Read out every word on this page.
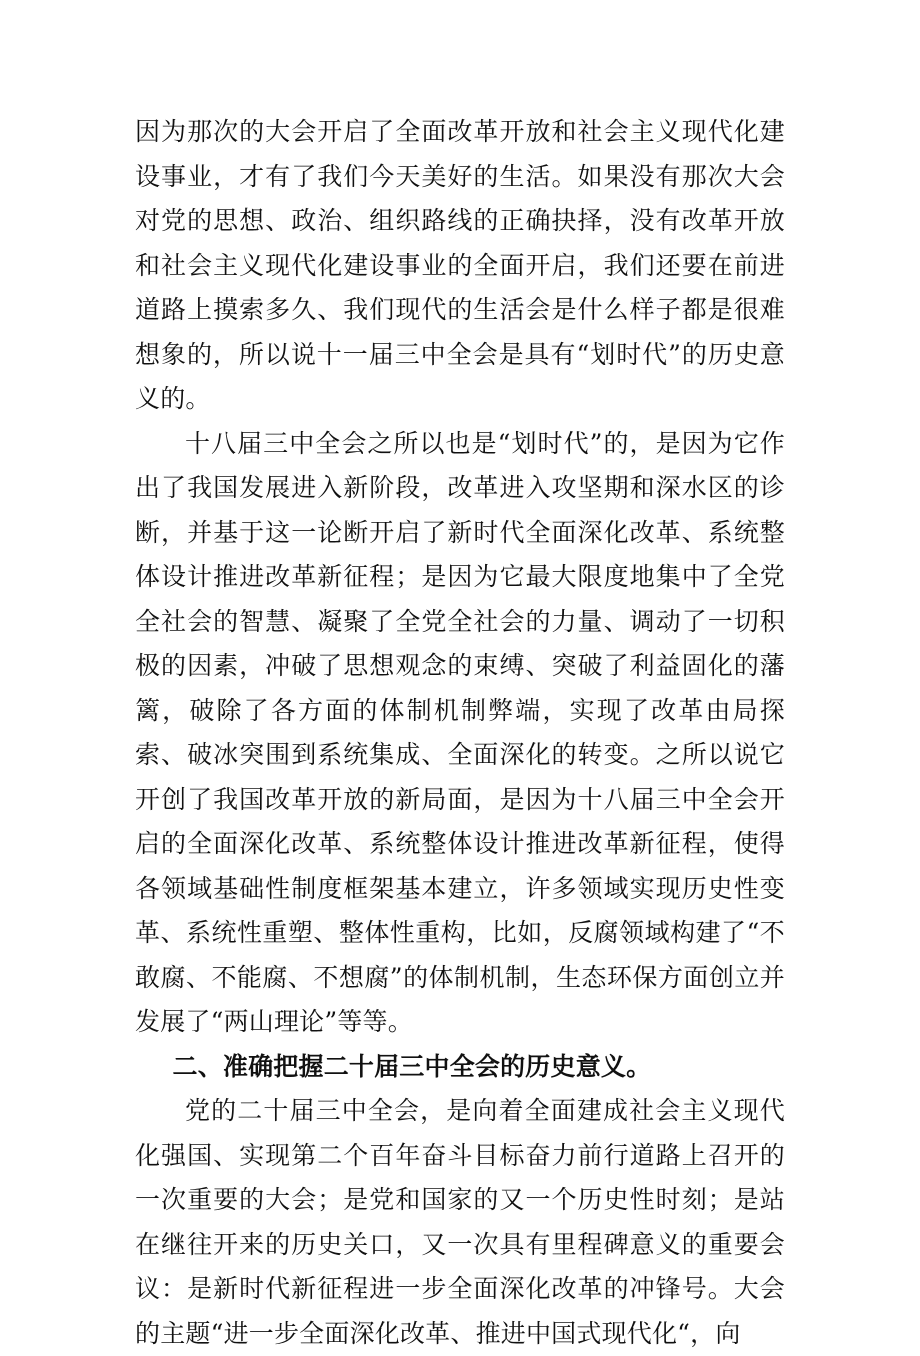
因为那次的大会开启了全面改革开放和社会主义现代化建设事业，才有了我们今天美好的生活。如果没有那次大会对党的思想、政治、组织路线的正确抉择，没有改革开放和社会主义现代化建设事业的全面开启，我们还要在前进道路上摸索多久、我们现代的生活会是什么样子都是很难想象的，所以说十一届三中全会是具有“划时代”的历史意义的。

十八届三中全会之所以也是“划时代”的，是因为它作出了我国发展进入新阶段，改革进入攻坚期和深水区的诊断，并基于这一论断开启了新时代全面深化改革、系统整体设计推进改革新征程；是因为它最大限度地集中了全党全社会的智慧、凝聚了全党全社会的力量、调动了一切积极的因素，冲破了思想观念的束缚、突破了利益固化的藩篱，破除了各方面的体制机制弊端，实现了改革由局探索、破冰突围到系统集成、全面深化的转变。之所以说它开创了我国改革开放的新局面，是因为十八届三中全会开启的全面深化改革、系统整体设计推进改革新征程，使得各领域基础性制度框架基本建立，许多领域实现历史性变革、系统性重塑、整体性重构，比如，反腐领域构建了“不敢腐、不能腐、不想腐”的体制机制，生态环保方面创立并发展了“两山理论”等等。

二、准确把握二十届三中全会的历史意义。

党的二十届三中全会，是向着全面建成社会主义现代化强国、实现第二个百年奋斗目标奋力前行道路上召开的一次重要的大会；是党和国家的又一个历史性时刻；是站在继往开来的历史关口，又一次具有里程碑意义的重要会议：是新时代新征程进一步全面深化改革的冲锋号。大会的主题“进一步全面深化改革、推进中国式现代化“，向
